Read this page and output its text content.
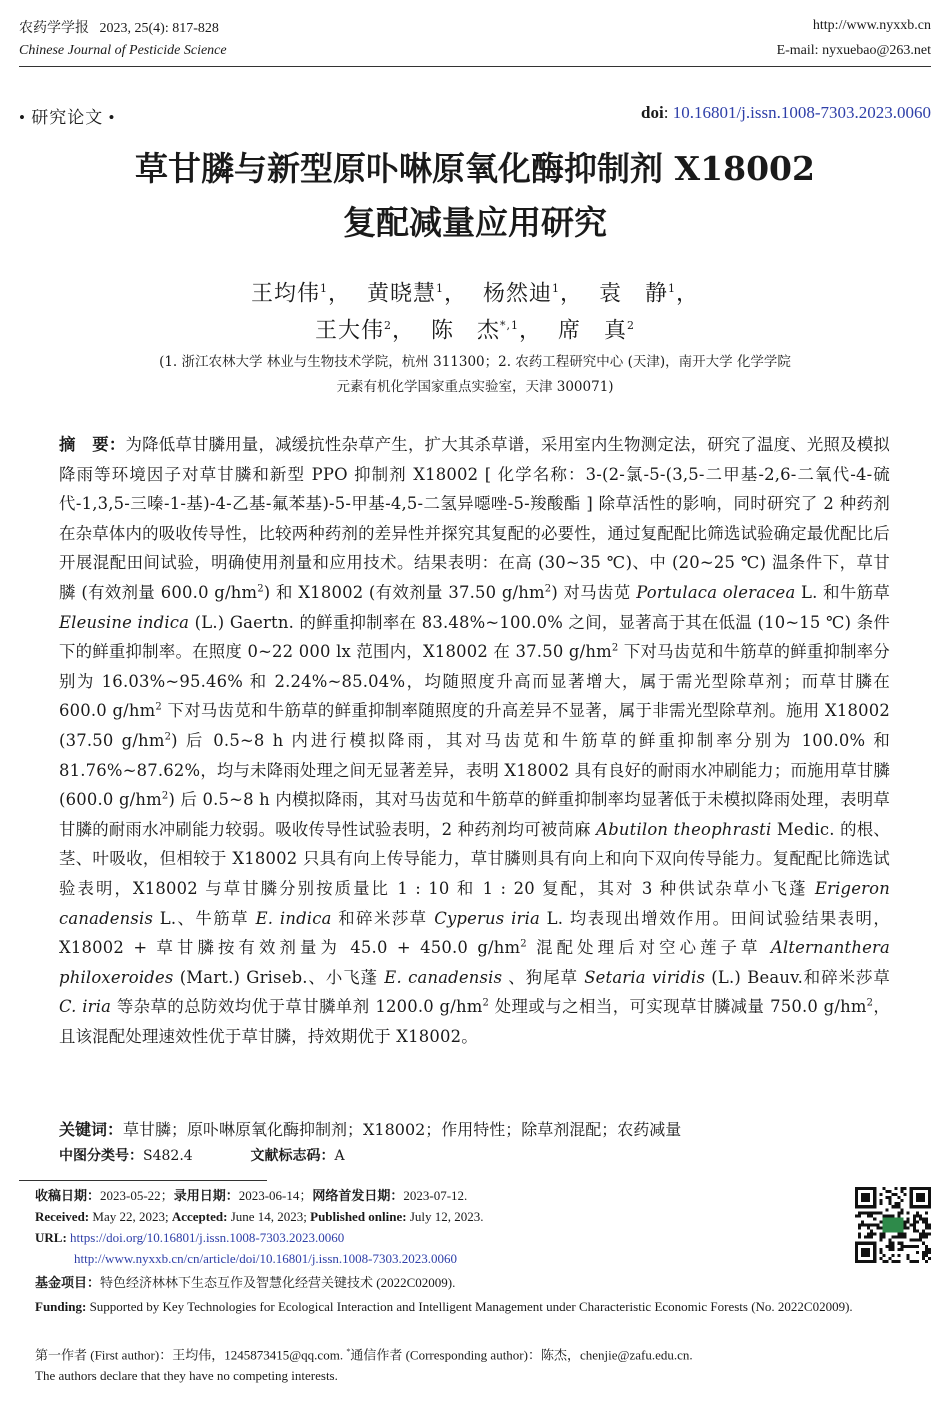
农药学学报 2023, 25(4): 817-828
Chinese Journal of Pesticide Science
http://www.nyxxb.cn
E-mail: nyxuebao@263.net
• 研究论文 •	doi: 10.16801/j.issn.1008-7303.2023.0060
草甘膦与新型原卟啉原氧化酶抑制剂 X18002
复配减量应用研究
王均伟$^1$，  黄晓慧$^1$，  杨然迪$^1$，  袁　静$^1$，
王大伟$^2$，  陈　杰$^{*,1}$，  席　真$^2$
(1. 浙江农林大学 林业与生物技术学院，杭州 311300；2. 农药工程研究中心 (天津)，南开大学 化学学院
元素有机化学国家重点实验室，天津 300071)
摘　要：为降低草甘膦用量，减缓抗性杂草产生，扩大其杀草谱，采用室内生物测定法，研究了温度、光照及模拟降雨等环境因子对草甘膦和新型 PPO 抑制剂 X18002 [ 化学名称：3-(2-氯-5-(3,5-二甲基-2,6-二氧代-4-硫代-1,3,5-三嗪-1-基)-4-乙基-氟苯基)-5-甲基-4,5-二氢异噁唑-5-羧酸酯 ] 除草活性的影响，同时研究了 2 种药剂在杂草体内的吸收传导性，比较两种药剂的差异性并探究其复配的必要性，通过复配配比筛选试验确定最优配比后开展混配田间试验，明确使用剂量和应用技术。结果表明：在高 (30~35 ℃)、中 (20~25 ℃) 温条件下，草甘膦 (有效剂量 600.0 $g/hm^2$) 和 X18002 (有效剂量 37.50 $g/hm^2$) 对马齿苋 Portulaca oleracea L. 和牛筋草 Eleusine indica (L.) Gaertn. 的鲜重抑制率在 83.48%~100.0% 之间，显著高于其在低温 (10~15 ℃) 条件下的鲜重抑制率。在照度 0~22 000 lx 范围内，X18002 在 37.50 $g/hm^2$ 下对马齿苋和牛筋草的鲜重抑制率分别为 16.03%~95.46% 和 2.24%~85.04%，均随照度升高而显著增大，属于需光型除草剂；而草甘膦在 600.0 $g/hm^2$ 下对马齿苋和牛筋草的鲜重抑制率随照度的升高差异不显著，属于非需光型除草剂。施用 X18002 (37.50 $g/hm^2$) 后 0.5~8 h 内进行模拟降雨，其对马齿苋和牛筋草的鲜重抑制率分别为 100.0% 和 81.76%~87.62%，均与未降雨处理之间无显著差异，表明 X18002 具有良好的耐雨水冲刷能力；而施用草甘膦 (600.0 $g/hm^2$) 后 0.5~8 h 内模拟降雨，其对马齿苋和牛筋草的鲜重抑制率均显著低于未模拟降雨处理，表明草甘膦的耐雨水冲刷能力较弱。吸收传导性试验表明，2 种药剂均可被苘麻 Abutilon theophrasti Medic. 的根、茎、叶吸收，但相较于 X18002 只具有向上传导能力，草甘膦则具有向上和向下双向传导能力。复配配比筛选试验表明，X18002 与草甘膦分别按质量比 1 : 10 和 1 : 20 复配，其对 3 种供试杂草小飞蓬 Erigeron canadensis L.、牛筋草 E. indica 和碎米莎草 Cyperus iria L. 均表现出增效作用。田间试验结果表明，X18002 + 草甘膦按有效剂量为 45.0 + 450.0 $g/hm^2$ 混配处理后对空心莲子草 Alternanthera philoxeroides (Mart.) Griseb.、小飞蓬 E. canadensis 、狗尾草 Setaria viridis (L.) Beauv.和碎米莎草 C. iria 等杂草的总防效均优于草甘膦单剂 1200.0 $g/hm^2$ 处理或与之相当，可实现草甘膦减量 750.0 $g/hm^2$，且该混配处理速效性优于草甘膦，持效期优于 X18002。
关键词：草甘膦；原卟啉原氧化酶抑制剂；X18002；作用特性；除草剂混配；农药减量
中图分类号：S482.4	文献标志码：A
收稿日期：2023-05-22；录用日期：2023-06-14；网络首发日期：2023-07-12.
Received: May 22, 2023; Accepted: June 14, 2023; Published online: July 12, 2023.
URL: https://doi.org/10.16801/j.issn.1008-7303.2023.0060
http://www.nyxxb.cn/cn/article/doi/10.16801/j.issn.1008-7303.2023.0060
基金项目：特色经济林林下生态互作及智慧化经营关键技术 (2022C02009).
Funding: Supported by Key Technologies for Ecological Interaction and Intelligent Management under Characteristic Economic Forests (No. 2022C02009).
第一作者 (First author)：王均伟，1245873415@qq.com. *通信作者 (Corresponding author)：陈杰，chenjie@zafu.edu.cn.
The authors declare that they have no competing interests.
